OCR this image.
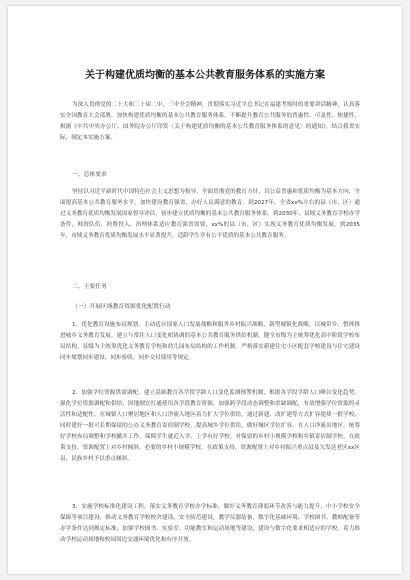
关于构建优质均衡的基本公共教育服务体系的实施方案
为深入贯彻党的二十大和二十届二中、三中全会精神，贯彻落实习近平总书记在福建考察时的重要讲话精神，认真落实全国教育大会部署，加快构建优质均衡的基本公共教育服务体系，不断提升教育公共服务的普惠性、可及性、便捷性，根据《中共中央办公厅、国务院办公厅印发〈关于构建优质均衡的基本公共教育服务体系的意见〉的通知》，结合我省实际，制定本实施方案。
一、总体要求
坚持以习近平新时代中国特色社会主义思想为指导，全面贯彻党的教育方针，以公益普惠和优质均衡为基本方向，全面提高基本公共教育服务水平，加快建设教育强省、办好人民满意的教育。到2027年，全省xx%左右的县（市、区）通过义务教育优质均衡发展国家督导评估，初步建立优质均衡的基本公共教育服务体系。到2030年，县域义务教育学校办学条件、师资队伍、经费投入、治理体系适应教育强省需要，xx%的县（市、区）实现义务教育优质均衡发展。到2035年，市域义务教育优质均衡发展水平显著提升，适龄学生享有公平优质的基本公共教育服务。
二、主要任务
（一）开展区域教育资源优化配置行动
1．优化教育设施布局规划。主动适应国家人口发展战略和服务乡村振兴战略、新型城镇化战略，以城带乡、整体推进城乡义务教育发展。建立与常住人口变化相协调的基本公共教育服务供给机制，健全市级为主统筹优化高中阶段学校布局结构、县级为主统筹优化义务教育学校和幼儿园布局结构的工作机制。严格落实新建住宅小区配套学校建设与住宅建设同步规划同步建设、同步验收、同步交付使用等规定。
2．加强学位资源供需调配。建立基础教育各学段学龄人口变化监测预警机制，根据各学段学龄人口峰谷变化趋势，强化学位资源调配和供给，因地制宜打通使用各学段教育资源，加强跨学段动态调整和余缺调配，有效增强学位资源的灵活性和适配性。在城镇人口聚居地区和人口净流入地区着力扩大学位供给，通过新建、改扩建等方式扩容提质一批学校，同时建好一批可长期保留的公办义务教育寄宿制学校，提高城乡学位供给，做好城区学位扩容。在人口净流出地区，统筹好学校布局调整和学校撤并工作，保障学生就近入学、上学有好学校。对保留的乡村小规模学校和乡镇寄宿制学校，在政策支持、资源配置上对乡村倾斜，必要的乡村小规模学校、在政策支持、资源配置上对乡村振兴重点县及欠发达老区xx区县、民族乡村予以重点倾斜。
3．实施学校标准化建设工程。落实义务教育学校办学标准，做好义务教育薄弱环节改善与能力提升、中小学校安全保障等项目建设，推动义务教育学校校舍建设、安全防范建设，教学仪器装备，数字化基础环境、学校图书、教师配备等办学条件达到规定标准，加强学校图书、实验室、功能教室和运动场地等建设，建设与数字化要求相适应的学校，着力推动学校运动场地和校园周边交通环境优化和有序开放。
